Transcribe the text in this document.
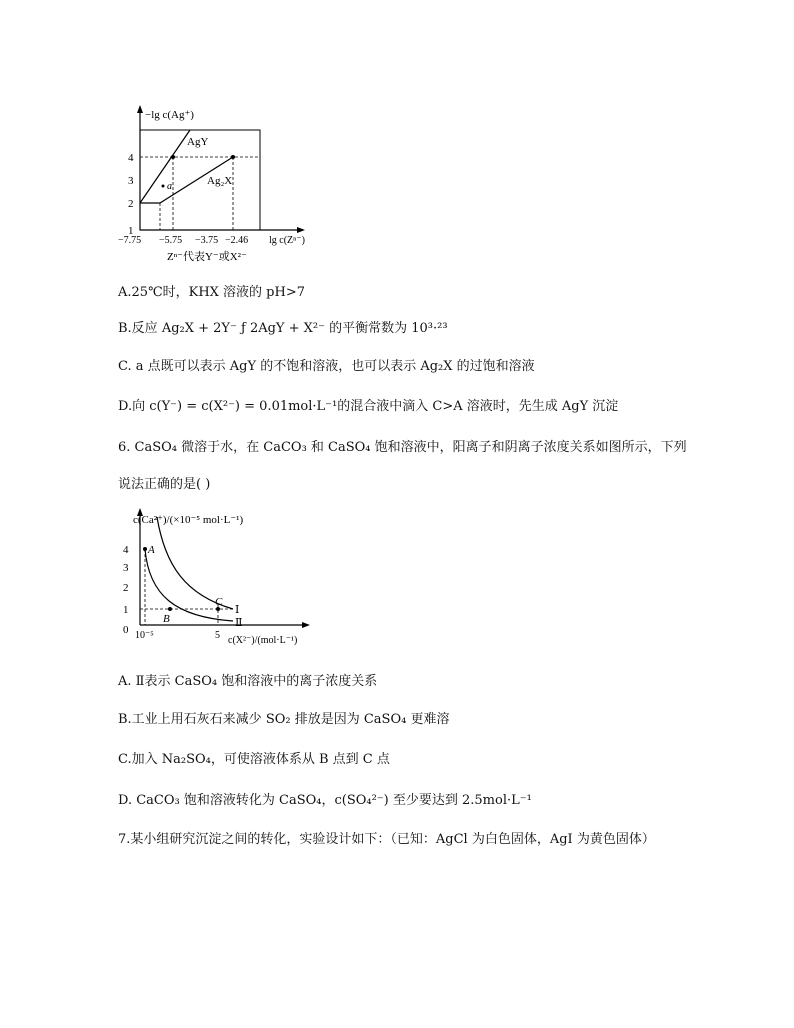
1
2
3
4
AgY
Ag₂X
a
−lg c(Ag⁺)
lg c(Zⁿ⁻)
−7.75 −5.75 −3.75 −2.46
Zⁿ⁻代表Y⁻或X²⁻
A.25℃时，KHX 溶液的 pH>7
B.反应 Ag₂X + 2Y⁻ ƒ 2AgY + X²⁻ 的平衡常数为 10³·²³
C. a 点既可以表示 AgY 的不饱和溶液，也可以表示 Ag₂X 的过饱和溶液
D.向 c(Y⁻) = c(X²⁻) = 0.01mol·L⁻¹的混合液中滴入 C>A 溶液时，先生成 AgY 沉淀
6. CaSO₄ 微溶于水，在 CaCO₃ 和 CaSO₄ 饱和溶液中，阳离子和阴离子浓度关系如图所示，下列
说法正确的是( )
c(Ca²⁺)/(×10⁻⁵ mol·L⁻¹)
0
1
2
3
4 A
B
C
Ⅰ
Ⅱ
10⁻⁵	5 c(X²⁻)/(mol·L⁻¹)
A. Ⅱ表示 CaSO₄ 饱和溶液中的离子浓度关系
B.工业上用石灰石来减少 SO₂ 排放是因为 CaSO₄ 更难溶
C.加入 Na₂SO₄，可使溶液体系从 B 点到 C 点
D. CaCO₃ 饱和溶液转化为 CaSO₄，c(SO₄²⁻) 至少要达到 2.5mol·L⁻¹
7.某小组研究沉淀之间的转化，实验设计如下：（已知：AgCl 为白色固体，AgI 为黄色固体）
